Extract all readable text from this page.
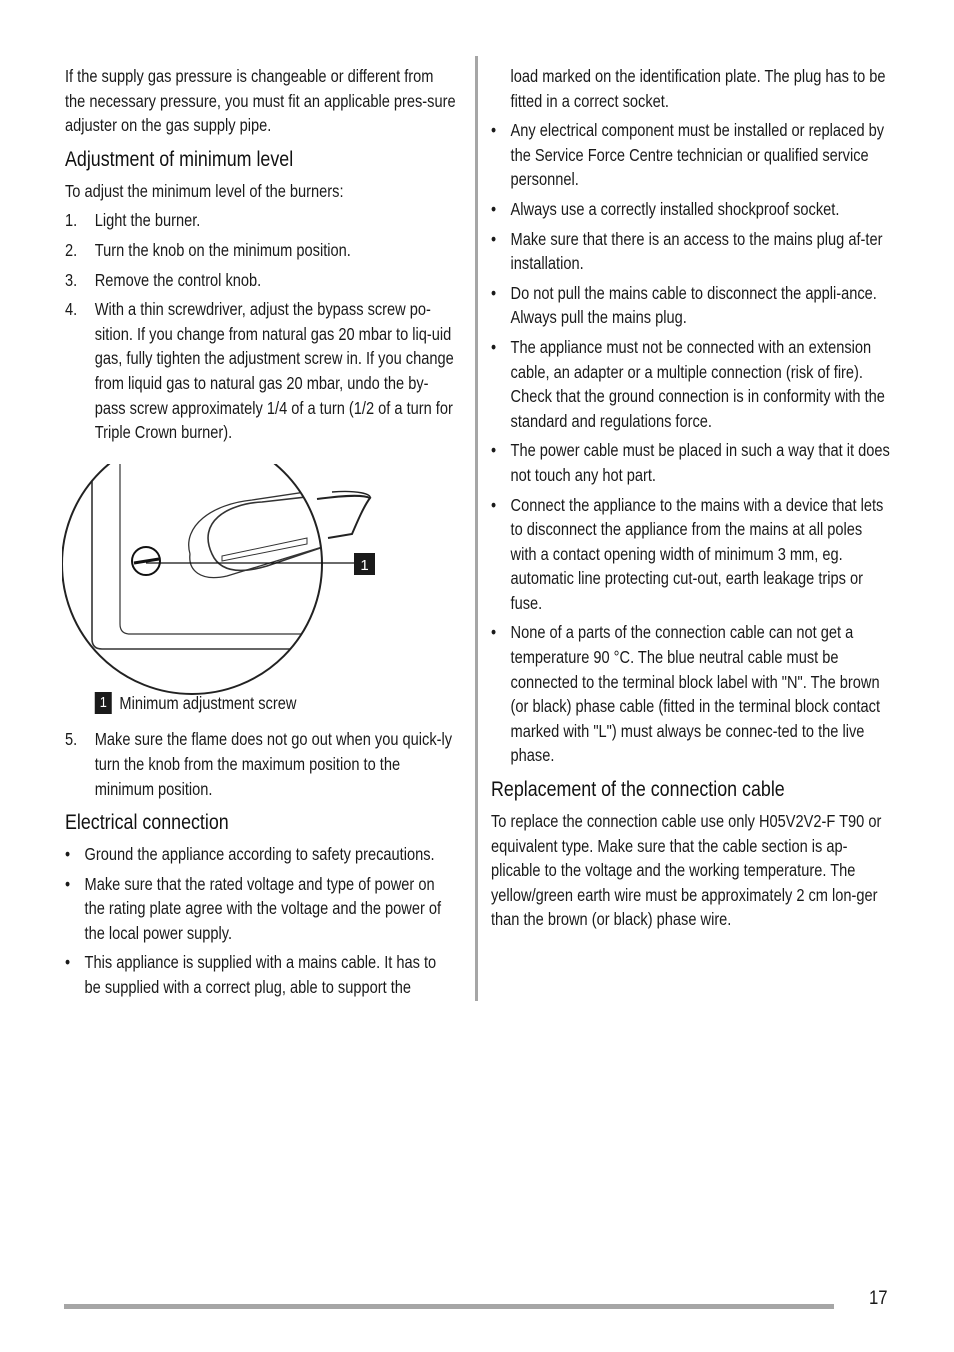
If the supply gas pressure is changeable or different from the necessary pressure, you must fit an applicable pres-sure adjuster on the gas supply pipe.

Adjustment of minimum level

To adjust the minimum level of the burners:

1.	Light the burner.
2.	Turn the knob on the minimum position.
3.	Remove the control knob.
4.	With a thin screwdriver, adjust the bypass screw po-sition. If you change from natural gas 20 mbar to liq-uid gas, fully tighten the adjustment screw in. If you change from liquid gas to natural gas 20 mbar, undo the by-pass screw approximately 1/4 of a turn (1/2 of a turn for Triple Crown burner).
1 Minimum adjustment screw
5.	Make sure the flame does not go out when you quick-ly turn the knob from the maximum position to the minimum position.
Electrical connection
• Ground the appliance according to safety precautions.
• Make sure that the rated voltage and type of power on the rating plate agree with the voltage and the power of the local power supply.
• This appliance is supplied with a mains cable. It has to be supplied with a correct plug, able to support the
1
load marked on the identification plate. The plug has to be fitted in a correct socket.
• Any electrical component must be installed or replaced by the Service Force Centre technician or qualified service personnel.
• Always use a correctly installed shockproof socket.
• Make sure that there is an access to the mains plug af-ter installation.
• Do not pull the mains cable to disconnect the appli-ance. Always pull the mains plug.
• The appliance must not be connected with an extension cable, an adapter or a multiple connection (risk of fire). Check that the ground connection is in conformity with the standard and regulations force.
• The power cable must be placed in such a way that it does not touch any hot part.
• Connect the appliance to the mains with a device that lets to disconnect the appliance from the mains at all poles with a contact opening width of minimum 3 mm, eg. automatic line protecting cut-out, earth leakage trips or fuse.
• None of a parts of the connection cable can not get a temperature 90 °C. The blue neutral cable must be connected to the terminal block label with "N". The brown (or black) phase cable (fitted in the terminal block contact marked with "L") must always be connec-ted to the live phase.
Replacement of the connection cable

To replace the connection cable use only H05V2V2-F T90 or equivalent type. Make sure that the cable section is ap-plicable to the voltage and the working temperature. The yellow/green earth wire must be approximately 2 cm lon-ger than the brown (or black) phase wire.

17
